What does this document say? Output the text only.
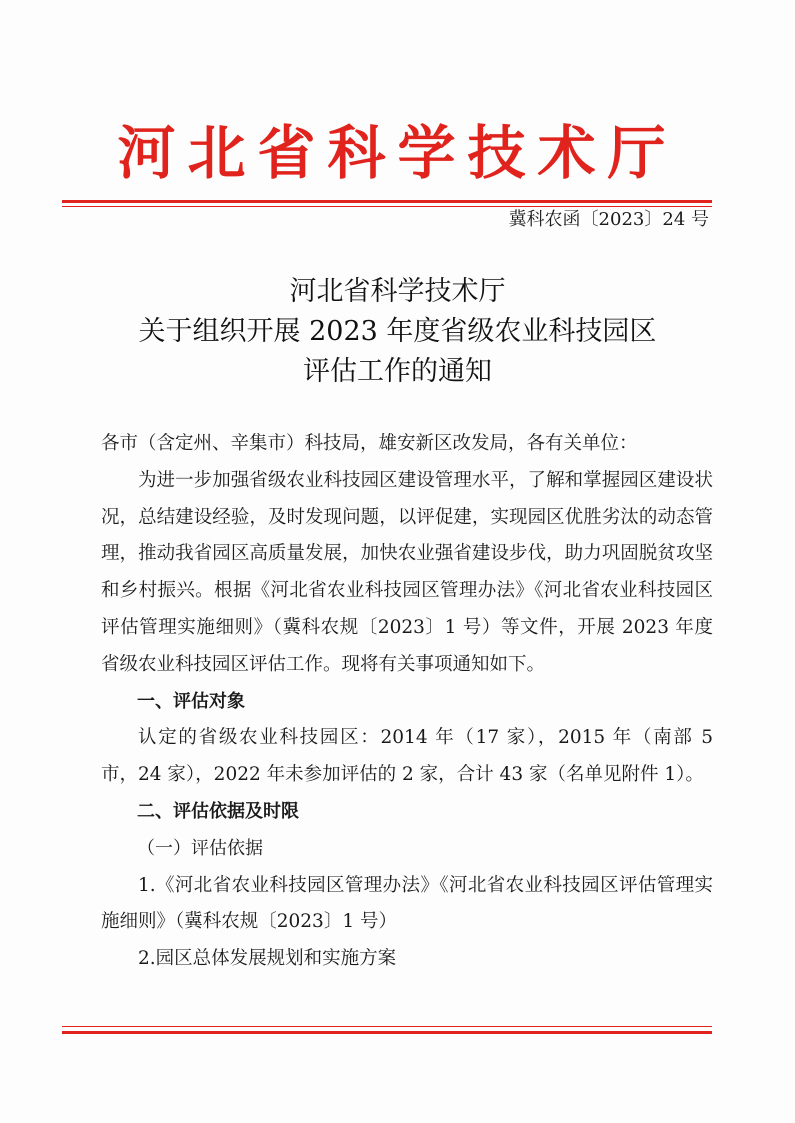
河北省科学技术厅
冀科农函〔2023〕24 号
河北省科学技术厅
关于组织开展 2023 年度省级农业科技园区
评估工作的通知

各市（含定州、辛集市）科技局，雄安新区改发局，各有关单位：

为进一步加强省级农业科技园区建设管理水平，了解和掌握园区建设状况，总结建设经验，及时发现问题，以评促建，实现园区优胜劣汰的动态管理，推动我省园区高质量发展，加快农业强省建设步伐，助力巩固脱贫攻坚和乡村振兴。根据《河北省农业科技园区管理办法》《河北省农业科技园区评估管理实施细则》（冀科农规〔2023〕1 号）等文件，开展 2023 年度省级农业科技园区评估工作。现将有关事项通知如下。

一、评估对象

认定的省级农业科技园区：2014 年（17 家），2015 年（南部 5 市，24 家），2022 年未参加评估的 2 家，合计 43 家（名单见附件 1）。

二、评估依据及时限

（一）评估依据

1.《河北省农业科技园区管理办法》《河北省农业科技园区评估管理实施细则》（冀科农规〔2023〕1 号）

2.园区总体发展规划和实施方案
